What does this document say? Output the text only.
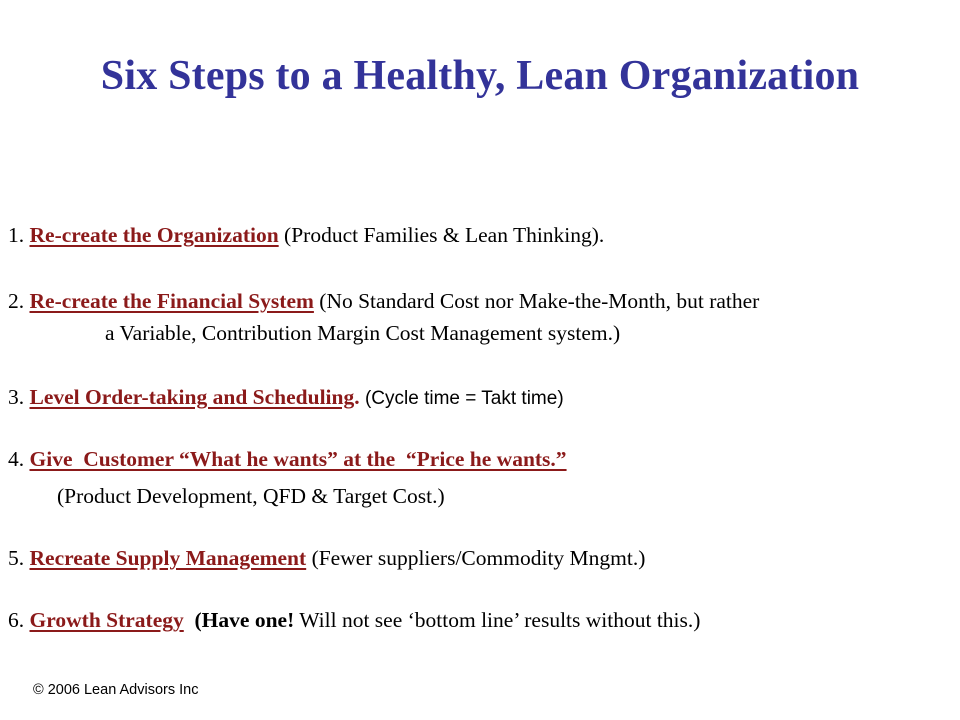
Six Steps to a Healthy, Lean Organization
1. Re-create the Organization (Product Families & Lean Thinking).
2. Re-create the Financial System (No Standard Cost nor Make-the-Month, but rather
a Variable, Contribution Margin Cost Management system.)
3. Level Order-taking and Scheduling. (Cycle time = Takt time)
4. Give  Customer “What he wants” at the  “Price he wants.”
(Product Development, QFD & Target Cost.)
5. Recreate Supply Management (Fewer suppliers/Commodity Mngmt.)
6. Growth Strategy (Have one! Will not see ‘bottom line’ results without this.)
© 2006 Lean Advisors Inc
